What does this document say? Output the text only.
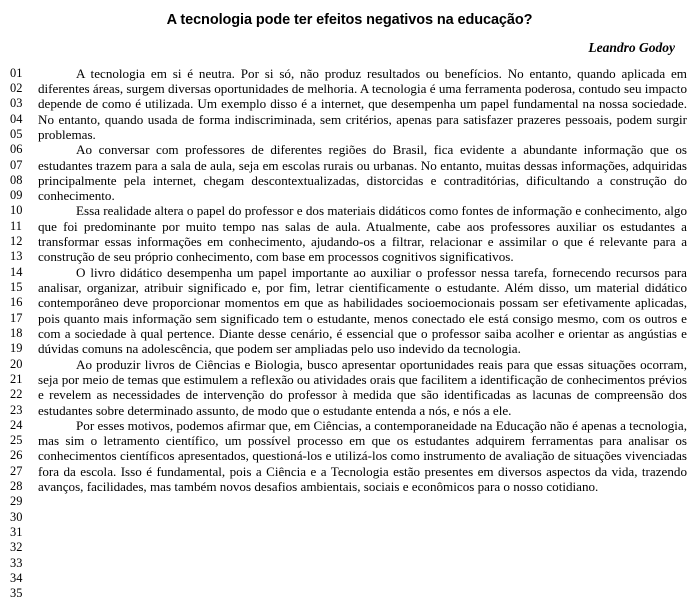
A tecnologia pode ter efeitos negativos na educação?
Leandro Godoy
01
02
03
04
05
06
07
08
09
10
11
12
13
14
15
16
17
18
19
20
21
22
23
24
25
26
27
28
29
30
31
32
33
34
35

A tecnologia em si é neutra. Por si só, não produz resultados ou benefícios. No entanto, quando aplicada em diferentes áreas, surgem diversas oportunidades de melhoria. A tecnologia é uma ferramenta poderosa, contudo seu impacto depende de como é utilizada. Um exemplo disso é a internet, que desempenha um papel fundamental na nossa sociedade. No entanto, quando usada de forma indiscriminada, sem critérios, apenas para satisfazer prazeres pessoais, podem surgir problemas.

Ao conversar com professores de diferentes regiões do Brasil, fica evidente a abundante informação que os estudantes trazem para a sala de aula, seja em escolas rurais ou urbanas. No entanto, muitas dessas informações, adquiridas principalmente pela internet, chegam descontextualizadas, distorcidas e contraditórias, dificultando a construção do conhecimento.

Essa realidade altera o papel do professor e dos materiais didáticos como fontes de informação e conhecimento, algo que foi predominante por muito tempo nas salas de aula. Atualmente, cabe aos professores auxiliar os estudantes a transformar essas informações em conhecimento, ajudando-os a filtrar, relacionar e assimilar o que é relevante para a construção de seu próprio conhecimento, com base em processos cognitivos significativos.

O livro didático desempenha um papel importante ao auxiliar o professor nessa tarefa, fornecendo recursos para analisar, organizar, atribuir significado e, por fim, letrar cientificamente o estudante. Além disso, um material didático contemporâneo deve proporcionar momentos em que as habilidades socioemocionais possam ser efetivamente aplicadas, pois quanto mais informação sem significado tem o estudante, menos conectado ele está consigo mesmo, com os outros e com a sociedade à qual pertence. Diante desse cenário, é essencial que o professor saiba acolher e orientar as angústias e dúvidas comuns na adolescência, que podem ser ampliadas pelo uso indevido da tecnologia.

Ao produzir livros de Ciências e Biologia, busco apresentar oportunidades reais para que essas situações ocorram, seja por meio de temas que estimulem a reflexão ou atividades orais que facilitem a identificação de conhecimentos prévios e revelem as necessidades de intervenção do professor à medida que são identificadas as lacunas de compreensão dos estudantes sobre determinado assunto, de modo que o estudante entenda a nós, e nós a ele.

Por esses motivos, podemos afirmar que, em Ciências, a contemporaneidade na Educação não é apenas a tecnologia, mas sim o letramento científico, um possível processo em que os estudantes adquirem ferramentas para analisar os conhecimentos científicos apresentados, questioná-los e utilizá-los como instrumento de avaliação de situações vivenciadas fora da escola. Isso é fundamental, pois a Ciência e a Tecnologia estão presentes em diversos aspectos da vida, trazendo avanços, facilidades, mas também novos desafios ambientais, sociais e econômicos para o nosso cotidiano.
